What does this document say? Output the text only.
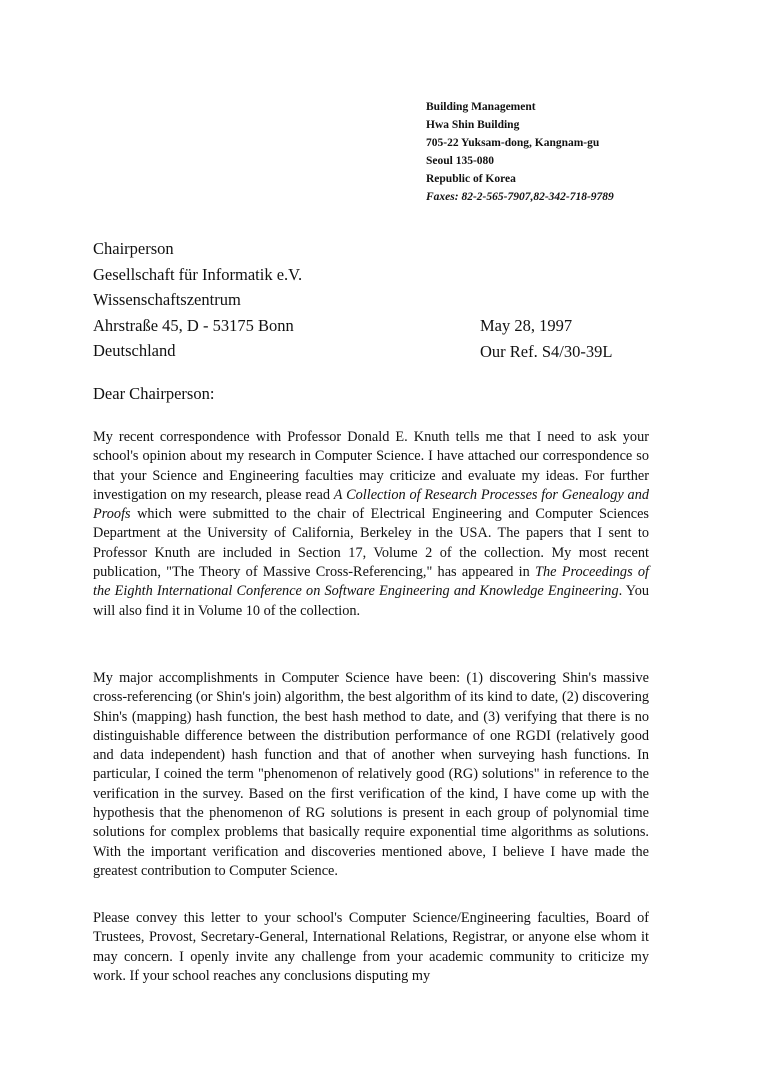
Building Management
Hwa Shin Building
705-22 Yuksam-dong, Kangnam-gu
Seoul 135-080
Republic of Korea
Faxes: 82-2-565-7907,82-342-718-9789
Chairperson
Gesellschaft für Informatik e.V.
Wissenschaftszentrum
Ahrstraße 45, D - 53175 Bonn
Deutschland
May 28, 1997
Our Ref. S4/30-39L
Dear Chairperson:
My recent correspondence with Professor Donald E. Knuth tells me that I need to ask your school's opinion about my research in Computer Science. I have attached our correspondence so that your Science and Engineering faculties may criticize and evaluate my ideas. For further investigation on my research, please read A Collection of Research Processes for Genealogy and Proofs which were submitted to the chair of Electrical Engineering and Computer Sciences Department at the University of California, Berkeley in the USA. The papers that I sent to Professor Knuth are included in Section 17, Volume 2 of the collection. My most recent publication, "The Theory of Massive Cross-Referencing," has appeared in The Proceedings of the Eighth International Conference on Software Engineering and Knowledge Engineering. You will also find it in Volume 10 of the collection.
My major accomplishments in Computer Science have been: (1) discovering Shin's massive cross-referencing (or Shin's join) algorithm, the best algorithm of its kind to date, (2) discovering Shin's (mapping) hash function, the best hash method to date, and (3) verifying that there is no distinguishable difference between the distribution performance of one RGDI (relatively good and data independent) hash function and that of another when surveying hash functions. In particular, I coined the term "phenomenon of relatively good (RG) solutions" in reference to the verification in the survey. Based on the first verification of the kind, I have come up with the hypothesis that the phenomenon of RG solutions is present in each group of polynomial time solutions for complex problems that basically require exponential time algorithms as solutions. With the important verification and discoveries mentioned above, I believe I have made the greatest contribution to Computer Science.
Please convey this letter to your school's Computer Science/Engineering faculties, Board of Trustees, Provost, Secretary-General, International Relations, Registrar, or anyone else whom it may concern. I openly invite any challenge from your academic community to criticize my work. If your school reaches any conclusions disputing my
